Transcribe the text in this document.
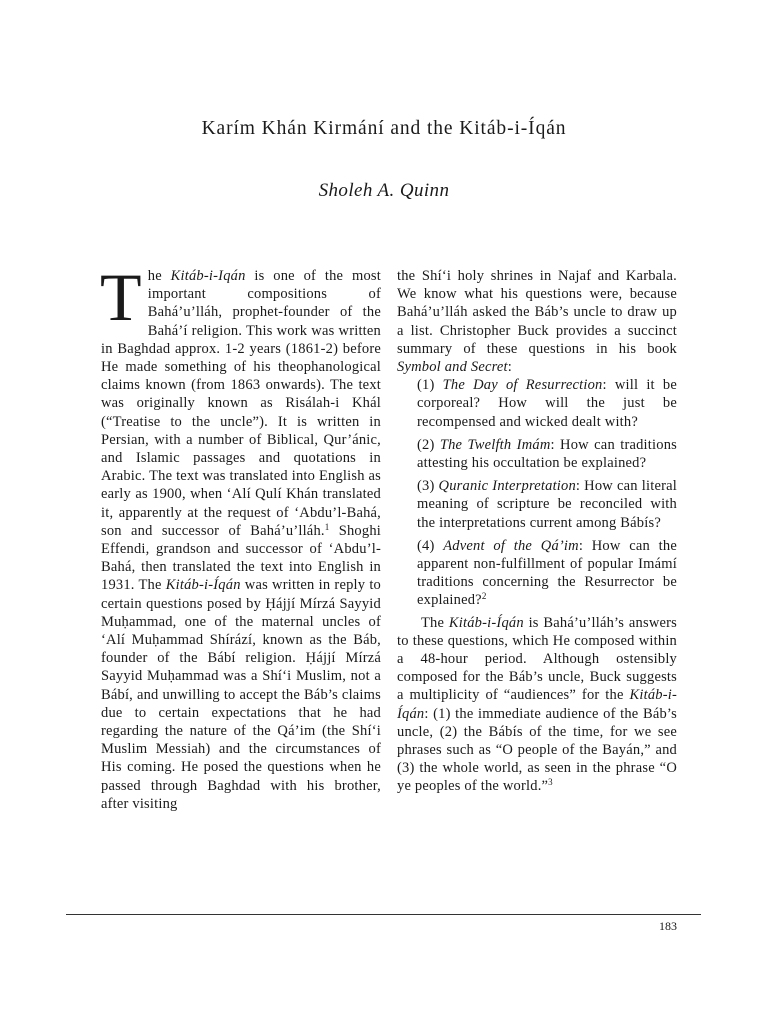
Karím Khán Kirmání and the Kitáb-i-Íqán
Sholeh A. Quinn

The Kitáb-i-Iqán is one of the most important compositions of Bahá’u’lláh, prophet-founder of the Bahá’í religion. This work was written in Baghdad approx. 1-2 years (1861-2) before He made something of his theophanological claims known (from 1863 onwards). The text was originally known as Risálah-i Khál (“Treatise to the uncle”). It is written in Persian, with a number of Biblical, Qur’ánic, and Islamic passages and quotations in Arabic. The text was translated into English as early as 1900, when ‘Alí Qulí Khán translated it, apparently at the request of ‘Abdu’l-Bahá, son and successor of Bahá’u’lláh.$^1$ Shoghi Effendi, grandson and successor of ‘Abdu’l-Bahá, then translated the text into English in 1931. The Kitáb-i-Íqán was written in reply to certain questions posed by Ḥájjí Mírzá Sayyid Muḥammad, one of the maternal uncles of ‘Alí Muḥammad Shírází, known as the Báb, founder of the Bábí religion. Ḥájjí Mírzá Sayyid Muḥammad was a Shí‘i Muslim, not a Bábí, and unwilling to accept the Báb’s claims due to certain expectations that he had regarding the nature of the Qá’im (the Shí‘i Muslim Messiah) and the circumstances of His coming. He posed the questions when he passed through Baghdad with his brother, after visiting

the Shí‘i holy shrines in Najaf and Karbala. We know what his questions were, because Bahá’u’lláh asked the Báb’s uncle to draw up a list. Christopher Buck provides a succinct summary of these questions in his book Symbol and Secret:

(1) The Day of Resurrection: will it be corporeal? How will the just be recompensed and wicked dealt with?
(2) The Twelfth Imám: How can traditions attesting his occultation be explained?
(3) Quranic Interpretation: How can literal meaning of scripture be reconciled with the interpretations current among Bábís?
(4) Advent of the Qá’im: How can the apparent non-fulfillment of popular Imámí traditions concerning the Resurrector be explained?$^2$

The Kitáb-i-Íqán is Bahá’u’lláh’s answers to these questions, which He composed within a 48-hour period. Although ostensibly composed for the Báb’s uncle, Buck suggests a multiplicity of “audiences” for the Kitáb-i-Íqán: (1) the immediate audience of the Báb’s uncle, (2) the Bábís of the time, for we see phrases such as “O people of the Bayán,” and (3) the whole world, as seen in the phrase “O ye peoples of the world.”$^3$

183
